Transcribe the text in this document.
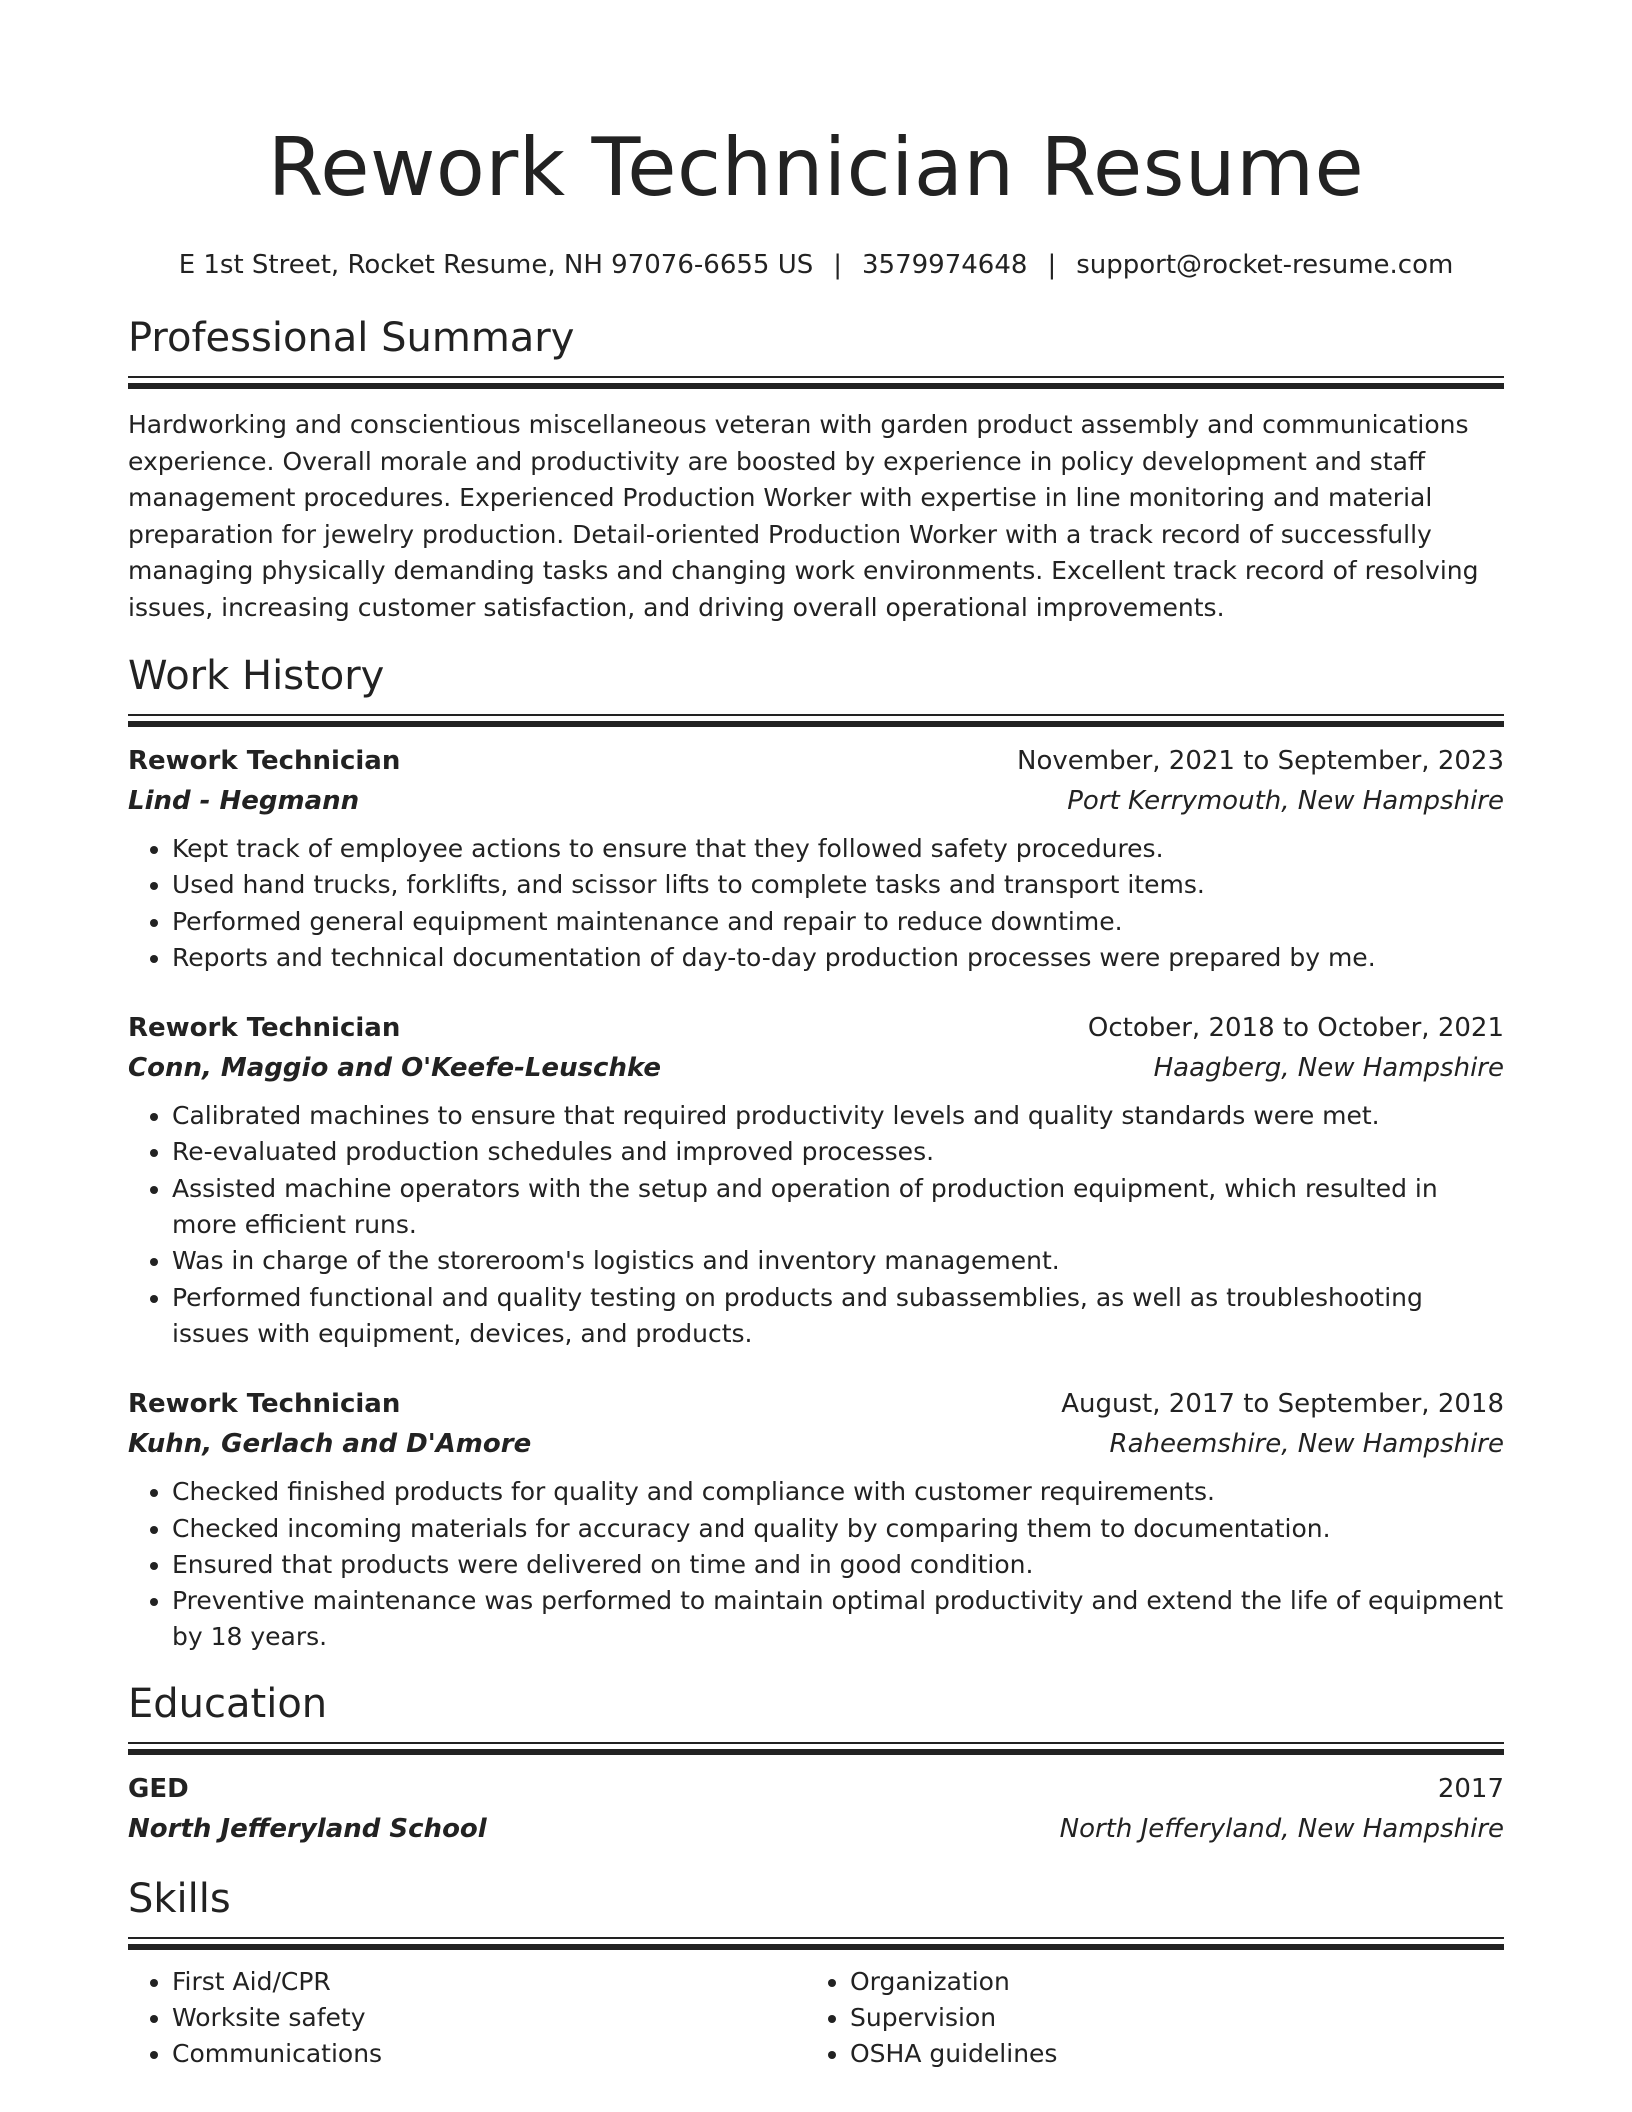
Rework Technician Resume
E 1st Street, Rocket Resume, NH 97076-6655 US | 3579974648 | support@rocket-resume.com
Professional Summary
Hardworking and conscientious miscellaneous veteran with garden product assembly and communications experience. Overall morale and productivity are boosted by experience in policy development and staff management procedures. Experienced Production Worker with expertise in line monitoring and material preparation for jewelry production. Detail-oriented Production Worker with a track record of successfully managing physically demanding tasks and changing work environments. Excellent track record of resolving issues, increasing customer satisfaction, and driving overall operational improvements.
Work History
Rework Technician	November, 2021 to September, 2023
Lind - Hegmann	Port Kerrymouth, New Hampshire
• Kept track of employee actions to ensure that they followed safety procedures.
• Used hand trucks, forklifts, and scissor lifts to complete tasks and transport items.
• Performed general equipment maintenance and repair to reduce downtime.
• Reports and technical documentation of day-to-day production processes were prepared by me.
Rework Technician	October, 2018 to October, 2021
Conn, Maggio and O'Keefe-Leuschke	Haagberg, New Hampshire
• Calibrated machines to ensure that required productivity levels and quality standards were met.
• Re-evaluated production schedules and improved processes.
• Assisted machine operators with the setup and operation of production equipment, which resulted in more efficient runs.
• Was in charge of the storeroom's logistics and inventory management.
• Performed functional and quality testing on products and subassemblies, as well as troubleshooting issues with equipment, devices, and products.
Rework Technician	August, 2017 to September, 2018
Kuhn, Gerlach and D'Amore	Raheemshire, New Hampshire
• Checked finished products for quality and compliance with customer requirements.
• Checked incoming materials for accuracy and quality by comparing them to documentation.
• Ensured that products were delivered on time and in good condition.
• Preventive maintenance was performed to maintain optimal productivity and extend the life of equipment by 18 years.
Education
GED	2017
North Jefferyland School	North Jefferyland, New Hampshire
Skills
• First Aid/CPR
• Worksite safety
• Communications
• Organization
• Supervision
• OSHA guidelines
